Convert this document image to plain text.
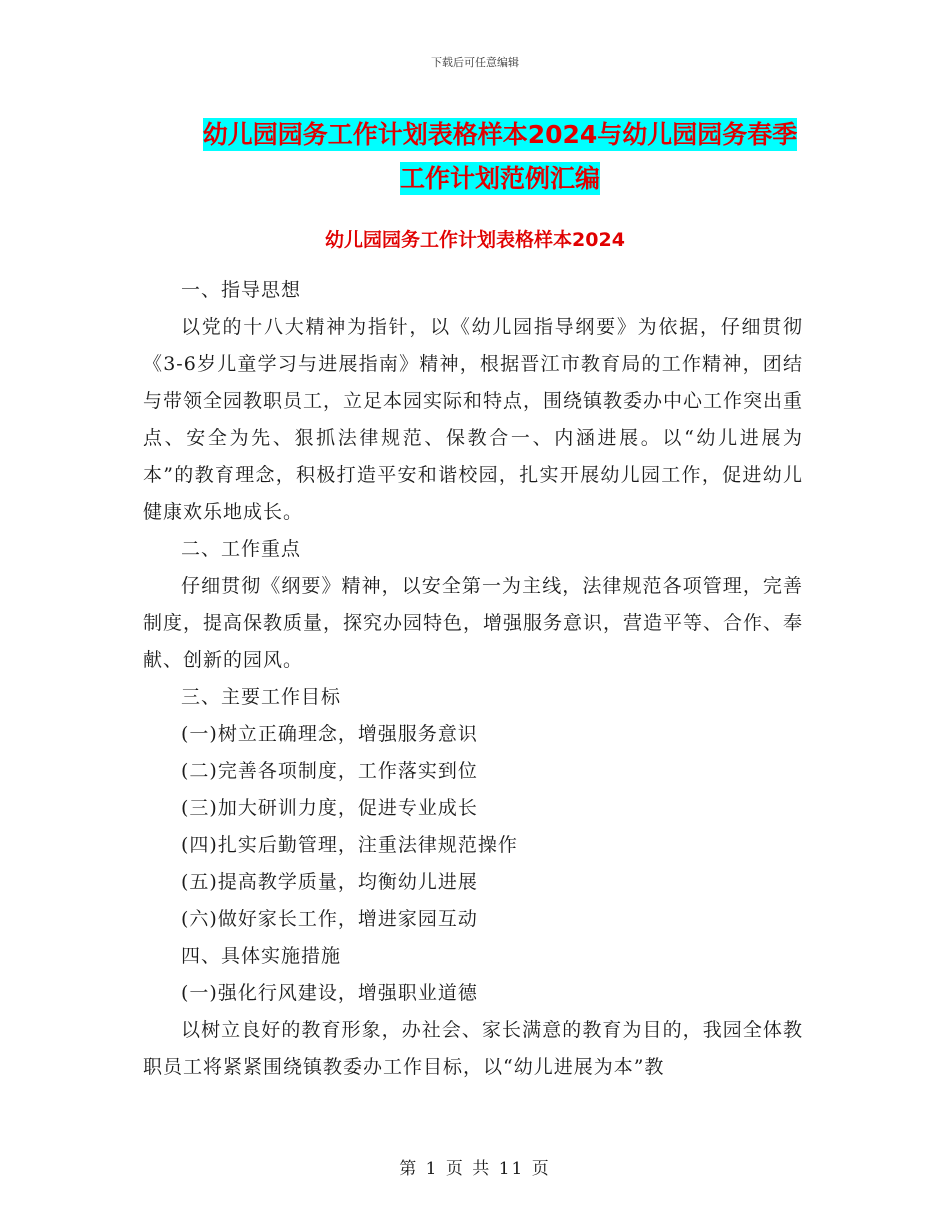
下载后可任意编辑
幼儿园园务工作计划表格样本2024与幼儿园园务春季
工作计划范例汇编
幼儿园园务工作计划表格样本2024

一、指导思想

以党的十八大精神为指针，以《幼儿园指导纲要》为依据，仔细贯彻《3-6岁儿童学习与进展指南》精神，根据晋江市教育局的工作精神，团结与带领全园教职员工，立足本园实际和特点，围绕镇教委办中心工作突出重点、安全为先、狠抓法律规范、保教合一、内涵进展。以“幼儿进展为本”的教育理念，积极打造平安和谐校园，扎实开展幼儿园工作，促进幼儿健康欢乐地成长。

二、工作重点

仔细贯彻《纲要》精神，以安全第一为主线，法律规范各项管理，完善制度，提高保教质量，探究办园特色，增强服务意识，营造平等、合作、奉献、创新的园风。

三、主要工作目标

(一)树立正确理念，增强服务意识

(二)完善各项制度，工作落实到位

(三)加大研训力度，促进专业成长

(四)扎实后勤管理，注重法律规范操作

(五)提高教学质量，均衡幼儿进展

(六)做好家长工作，增进家园互动

四、具体实施措施

(一)强化行风建设，增强职业道德

以树立良好的教育形象，办社会、家长满意的教育为目的，我园全体教职员工将紧紧围绕镇教委办工作目标，以“幼儿进展为本”教

第 1 页 共 11 页
